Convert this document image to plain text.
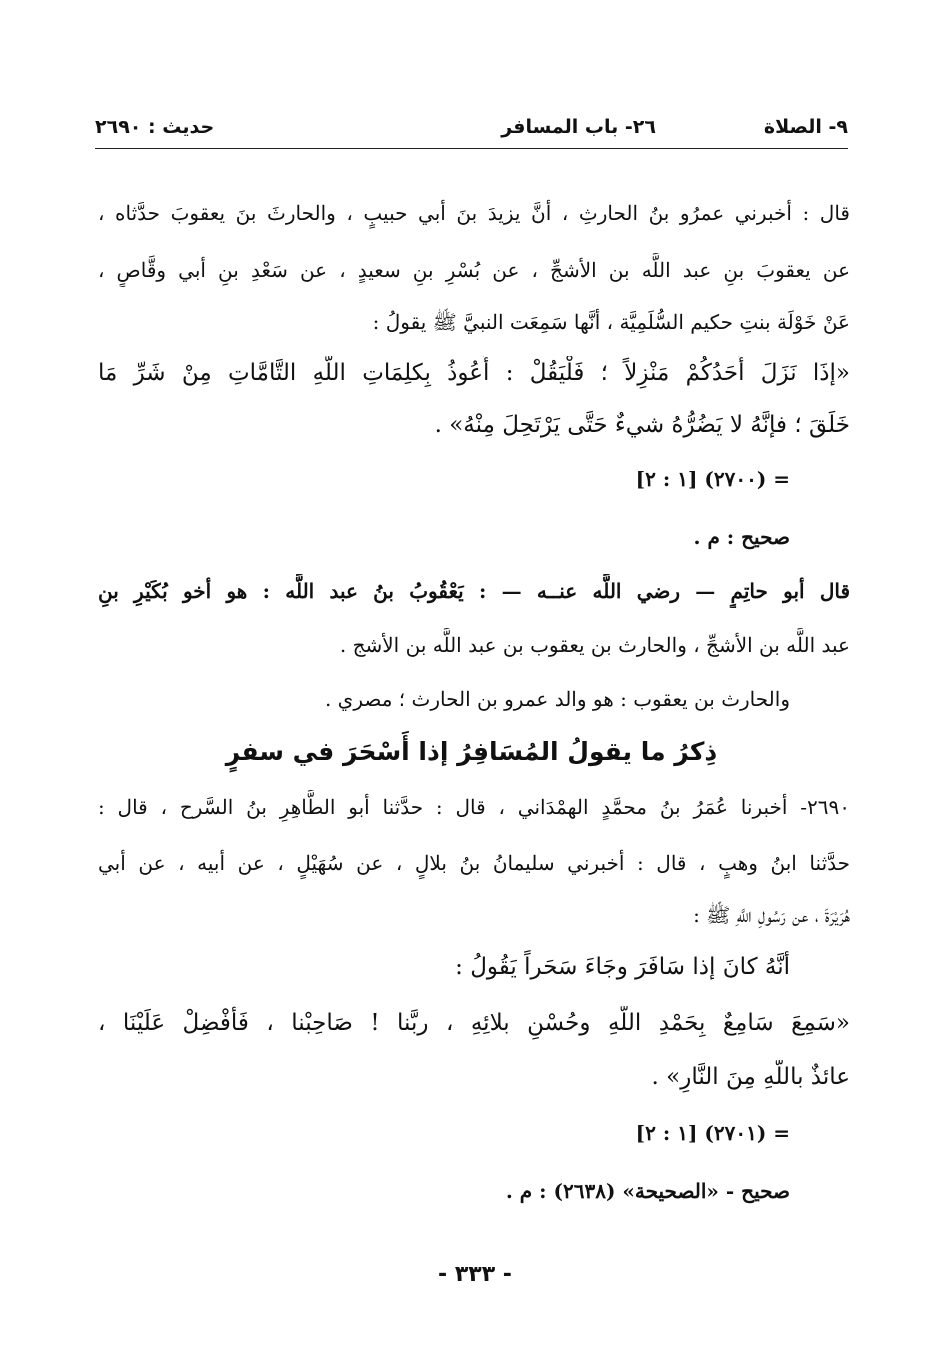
٩- الصلاة
٢٦- باب المسافر
حديث : ٢٦٩٠
قال : أخبرني عمرُو بنُ الحارثِ ، أنَّ يزيدَ بنَ أبي حبيبٍ ، والحارثَ بنَ يعقوبَ حدَّثاه ،
عن يعقوبَ بنِ عبد اللَّه بن الأشجِّ ، عن بُسْرِ بنِ سعيدٍ ، عن سَعْدِ بنِ أبي وقَّاصٍ ،
عَنْ خَوْلَة بنتِ حكيم السُّلَمِيَّة ، أنَّها سَمِعَت النبيَّ ﷺ يقولُ :
«إذَا نَزَلَ أَحَدُكُمْ مَنْزِلاً ؛ فَلْيَقُلْ : أَعُوذُ بِكلِمَاتِ اللَّهِ التَّامَّاتِ مِنْ شَرِّ مَا
خَلَقَ ؛ فإنَّهُ لا يَضُرُّهُ شيءٌ حَتَّى يَرْتَحِلَ مِنْهُ» .
= (٢٧٠٠) [١ : ٢]
صحيح : م .
قال أبو حاتِمٍ — رضي اللَّه عنــه — : يَعْقُوبُ بنُ عبد اللَّه : هو أخو بُكَيْرِ بنِ
عبد اللَّه بن الأشجِّ ، والحارث بن يعقوب بن عبد اللَّه بن الأشج .
والحارث بن يعقوب : هو والد عمرو بن الحارث ؛ مصري .
ذِكرُ ما يقولُ المُسَافِرُ إذا أَسْحَرَ في سفرٍ
٢٦٩٠- أخبرنا عُمَرُ بنُ محمَّدٍ الهمْدَاني ، قال : حدَّثنا أبو الطَّاهِرِ بنُ السَّرح ، قال :
حدَّثنا ابنُ وهبٍ ، قال : أخبرني سليمانُ بنُ بلالٍ ، عن سُهَيْلٍ ، عن أبيه ، عن أبي
هُرَيْرَةَ ، عن رَسُولِ اللَّهِ ﷺ :
أنَّهُ كانَ إذا سَافَرَ وجَاءَ سَحَراً يَقُولُ :
«سَمِعَ سَامِعٌ بِحَمْدِ اللَّهِ وحُسْنِ بلائِهِ ، ربَّنا ! صَاحِبْنا ، فَأَفْضِلْ عَلَيْنَا ،
عائذٌ باللَّهِ مِنَ النَّارِ» .
= (٢٧٠١) [١ : ٢]
صحيح - «الصحيحة» (٢٦٣٨) : م .
- ٣٣٣ -
